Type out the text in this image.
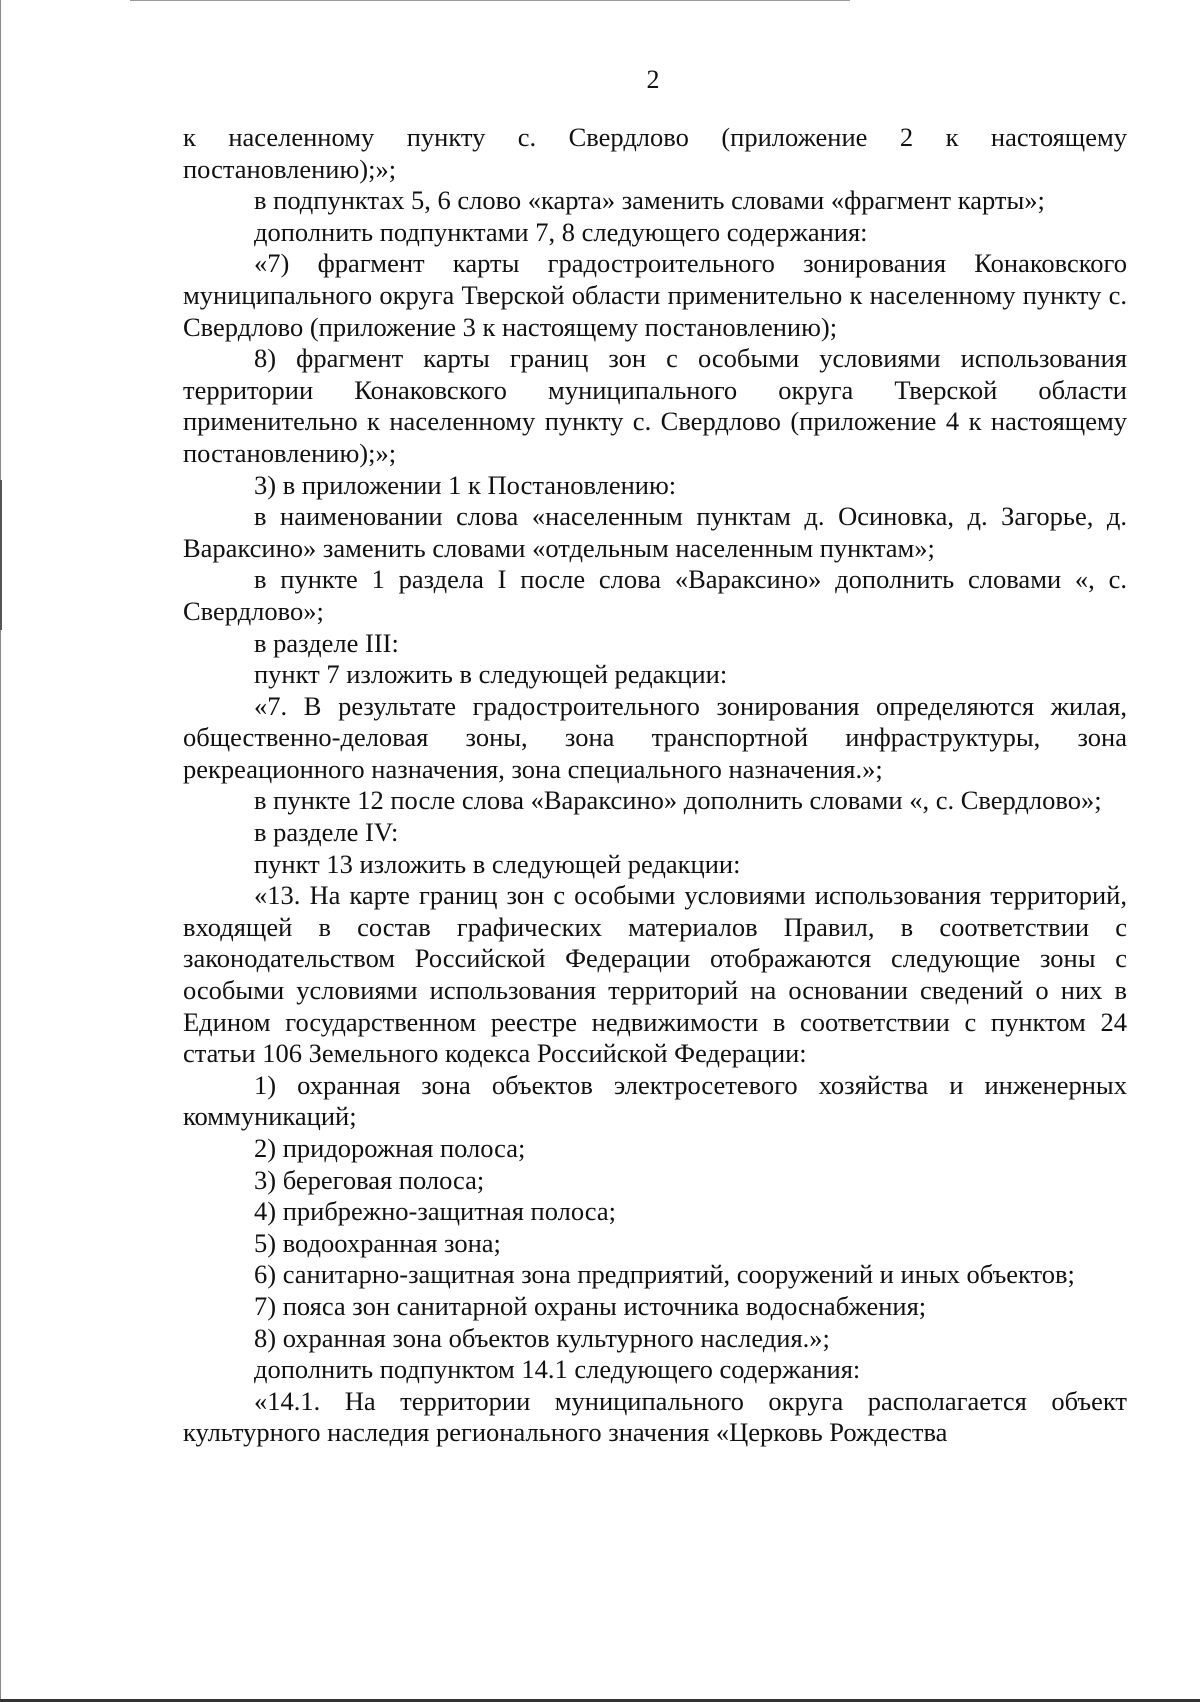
2

к населенному пункту с. Свердлово (приложение 2 к настоящему постановлению);»;

в подпунктах 5, 6 слово «карта» заменить словами «фрагмент карты»;

дополнить подпунктами 7, 8 следующего содержания:

«7) фрагмент карты градостроительного зонирования Конаковского муниципального округа Тверской области применительно к населенному пункту с. Свердлово (приложение 3 к настоящему постановлению);

8) фрагмент карты границ зон с особыми условиями использования территории Конаковского муниципального округа Тверской области применительно к населенному пункту с. Свердлово (приложение 4 к настоящему постановлению);»;

3) в приложении 1 к Постановлению:

в наименовании слова «населенным пунктам д. Осиновка, д. Загорье, д. Вараксино» заменить словами «отдельным населенным пунктам»;

в пункте 1 раздела I после слова «Вараксино» дополнить словами «, с. Свердлово»;

в разделе III:

пункт 7 изложить в следующей редакции:

«7. В результате градостроительного зонирования определяются жилая, общественно-деловая зоны, зона транспортной инфраструктуры, зона рекреационного назначения, зона специального назначения.»;

в пункте 12 после слова «Вараксино» дополнить словами «, с. Свердлово»;

в разделе IV:

пункт 13 изложить в следующей редакции:

«13. На карте границ зон с особыми условиями использования территорий, входящей в состав графических материалов Правил, в соответствии с законодательством Российской Федерации отображаются следующие зоны с особыми условиями использования территорий на основании сведений о них в Едином государственном реестре недвижимости в соответствии с пунктом 24 статьи 106 Земельного кодекса Российской Федерации:

1) охранная зона объектов электросетевого хозяйства и инженерных коммуникаций;

2) придорожная полоса;

3) береговая полоса;

4) прибрежно-защитная полоса;

5) водоохранная зона;

6) санитарно-защитная зона предприятий, сооружений и иных объектов;

7) пояса зон санитарной охраны источника водоснабжения;

8) охранная зона объектов культурного наследия.»;

дополнить подпунктом 14.1 следующего содержания:

«14.1. На территории муниципального округа располагается объект культурного наследия регионального значения «Церковь Рождества
